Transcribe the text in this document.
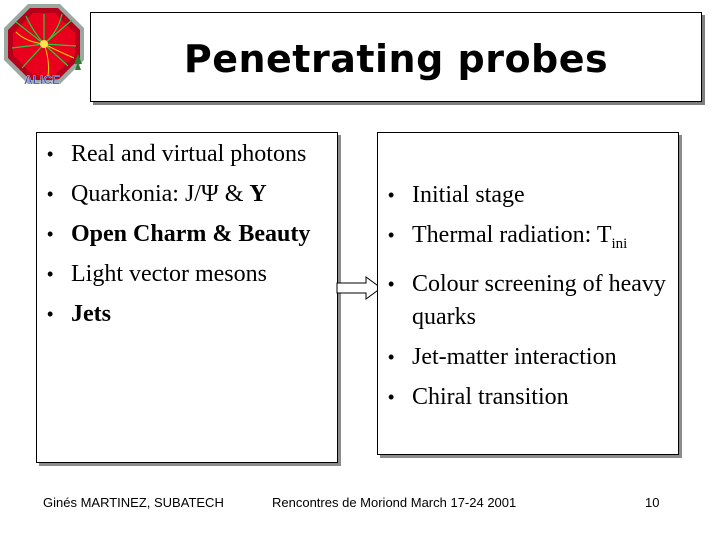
ALICE	Penetrating probes
• Real and virtual photons
• Quarkonia: J/Ψ & Υ
• Open Charm & Beauty
• Light vector mesons
• Jets
• Initial stage
• Thermal radiation: $T_{ini}$
• Colour screening of heavy quarks
• Jet-matter interaction
• Chiral transition
Ginés MARTINEZ, SUBATECH	Rencontres de Moriond March 17-24 2001	10
